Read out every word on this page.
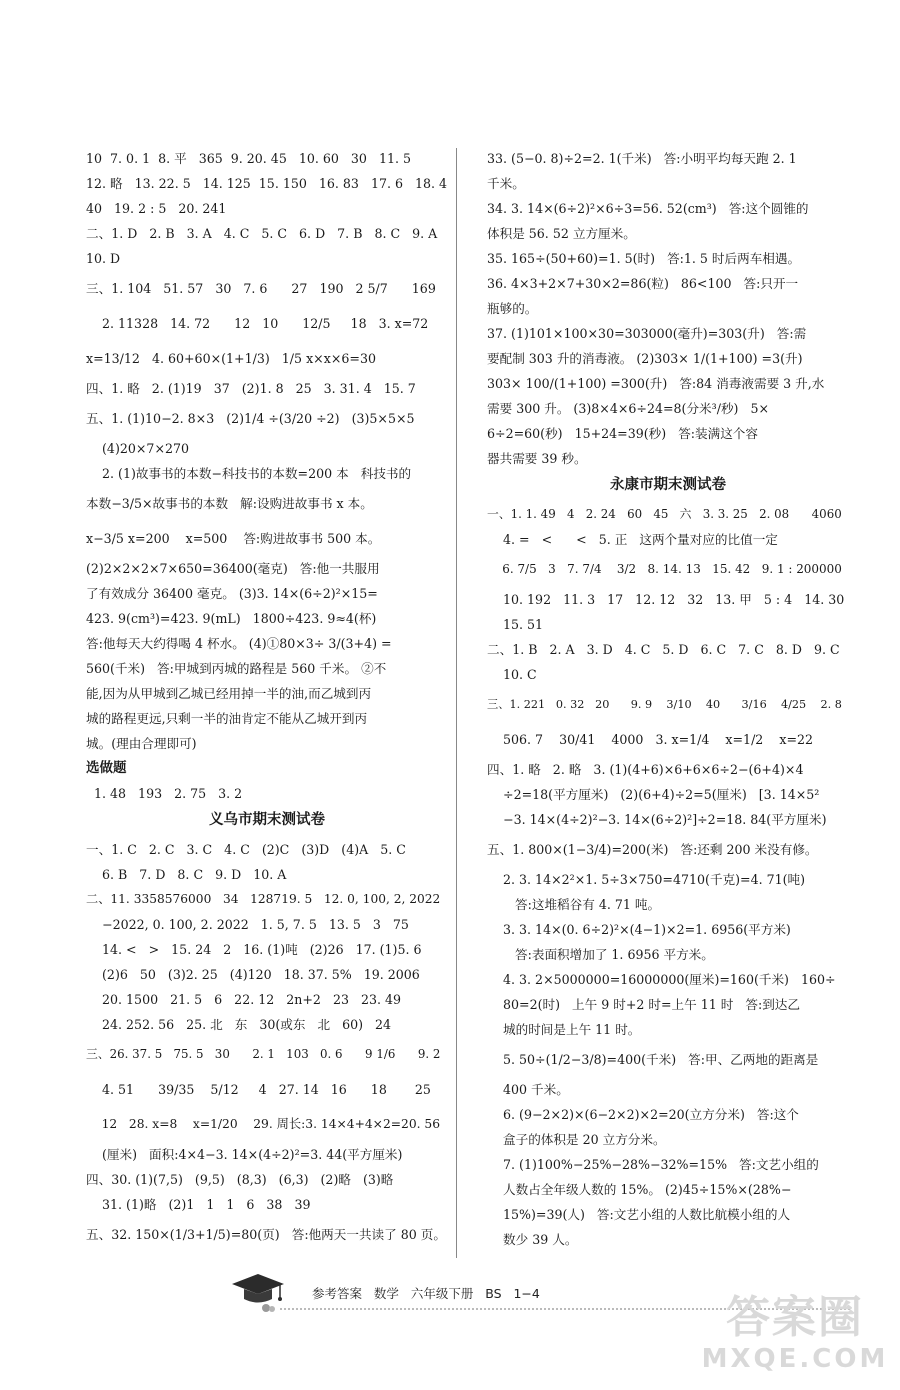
10  7. 0. 1  8. 平   365  9. 20. 45   10. 60   30   11. 5
12. 略   13. 22. 5   14. 125  15. 150   16. 83   17. 6   18. 4
40   19. 2 : 5   20. 241
二、1. D   2. B   3. A   4. C   5. C   6. D   7. B   8. C   9. A
10. D
三、1. 104   51. 57   30   7. 6      27   190   2 5/7      169
2. 11328   14. 72      12   10      12/5     18   3. x=72
x=13/12   4. 60+60×(1+1/3)   1/5 x×x×6=30
四、1. 略   2. (1)19   37   (2)1. 8   25   3. 31. 4   15. 7
五、1. (1)10−2. 8×3   (2)1/4 ÷(3/20 ÷2)   (3)5×5×5
(4)20×7×270
2. (1)故事书的本数−科技书的本数=200 本   科技书的
本数−3/5×故事书的本数   解:设购进故事书 x 本。
x−3/5 x=200    x=500    答:购进故事书 500 本。
(2)2×2×2×7×650=36400(毫克)   答:他一共服用
了有效成分 36400 毫克。 (3)3. 14×(6÷2)²×15=
423. 9(cm³)=423. 9(mL)   1800÷423. 9≈4(杯)
答:他每天大约得喝 4 杯水。 (4)①80×3÷ 3/(3+4) =
560(千米)   答:甲城到丙城的路程是 560 千米。 ②不
能,因为从甲城到乙城已经用掉一半的油,而乙城到丙
城的路程更远,只剩一半的油肯定不能从乙城开到丙
城。(理由合理即可)
选做题
1. 48   193   2. 75   3. 2
义乌市期末测试卷
一、1. C   2. C   3. C   4. C   (2)C   (3)D   (4)A   5. C
6. B   7. D   8. C   9. D   10. A
二、11. 3358576000   34   128719. 5   12. 0, 100, 2, 2022
−2022, 0. 100, 2. 2022   1. 5, 7. 5   13. 5   3   75
14. <   >   15. 24   2   16. (1)吨   (2)26   17. (1)5. 6
(2)6   50   (3)2. 25   (4)120   18. 37. 5%   19. 2006
20. 1500   21. 5   6   22. 12   2n+2   23   23. 49
24. 252. 56   25. 北   东   30(或东   北   60)   24
三、26. 37. 5   75. 5   30      2. 1   103   0. 6      9 1/6      9. 2
4. 51      39/35    5/12     4   27. 14   16      18       25
12   28. x=8    x=1/20    29. 周长:3. 14×4+4×2=20. 56
(厘米)   面积:4×4−3. 14×(4÷2)²=3. 44(平方厘米)
四、30. (1)(7,5)   (9,5)   (8,3)   (6,3)   (2)略   (3)略
31. (1)略   (2)1   1   1   6   38   39
五、32. 150×(1/3+1/5)=80(页)   答:他两天一共读了 80 页。
33. (5−0. 8)÷2=2. 1(千米)   答:小明平均每天跑 2. 1
千米。
34. 3. 14×(6÷2)²×6÷3=56. 52(cm³)   答:这个圆锥的
体积是 56. 52 立方厘米。
35. 165÷(50+60)=1. 5(时)   答:1. 5 时后两车相遇。
36. 4×3+2×7+30×2=86(粒)   86<100   答:只开一
瓶够的。
37. (1)101×100×30=303000(毫升)=303(升)   答:需
要配制 303 升的消毒液。 (2)303× 1/(1+100) =3(升)
303× 100/(1+100) =300(升)   答:84 消毒液需要 3 升,水
需要 300 升。 (3)8×4×6÷24=8(分米³/秒)   5×
6÷2=60(秒)   15+24=39(秒)   答:装满这个容
器共需要 39 秒。
永康市期末测试卷
一、1. 1. 49   4   2. 24   60   45   六   3. 3. 25   2. 08      4060
4. =   <      <   5. 正   这两个量对应的比值一定
6. 7/5   3   7. 7/4    3/2   8. 14. 13   15. 42   9. 1 : 200000
10. 192   11. 3   17   12. 12   32   13. 甲   5 : 4   14. 30
15. 51
二、1. B   2. A   3. D   4. C   5. D   6. C   7. C   8. D   9. C
10. C
三、1. 221   0. 32   20      9. 9    3/10    40      3/16    4/25    2. 8
506. 7    30/41    4000   3. x=1/4    x=1/2    x=22
四、1. 略   2. 略   3. (1)(4+6)×6+6×6÷2−(6+4)×4
÷2=18(平方厘米)   (2)(6+4)÷2=5(厘米)   [3. 14×5²
−3. 14×(4÷2)²−3. 14×(6÷2)²]÷2=18. 84(平方厘米)
五、1. 800×(1−3/4)=200(米)   答:还剩 200 米没有修。
2. 3. 14×2²×1. 5÷3×750=4710(千克)=4. 71(吨)
答:这堆稻谷有 4. 71 吨。
3. 3. 14×(0. 6÷2)²×(4−1)×2=1. 6956(平方米)
答:表面积增加了 1. 6956 平方米。
4. 3. 2×5000000=16000000(厘米)=160(千米)   160÷
80=2(时)   上午 9 时+2 时=上午 11 时   答:到达乙
城的时间是上午 11 时。
5. 50÷(1/2−3/8)=400(千米)   答:甲、乙两地的距离是
400 千米。
6. (9−2×2)×(6−2×2)×2=20(立方分米)   答:这个
盒子的体积是 20 立方分米。
7. (1)100%−25%−28%−32%=15%   答:文艺小组的
人数占全年级人数的 15%。 (2)45÷15%×(28%−
15%)=39(人)   答:文艺小组的人数比航模小组的人
数少 39 人。
参考答案   数学   六年级下册   BS   1−4	答案圈
MXQE.COM
